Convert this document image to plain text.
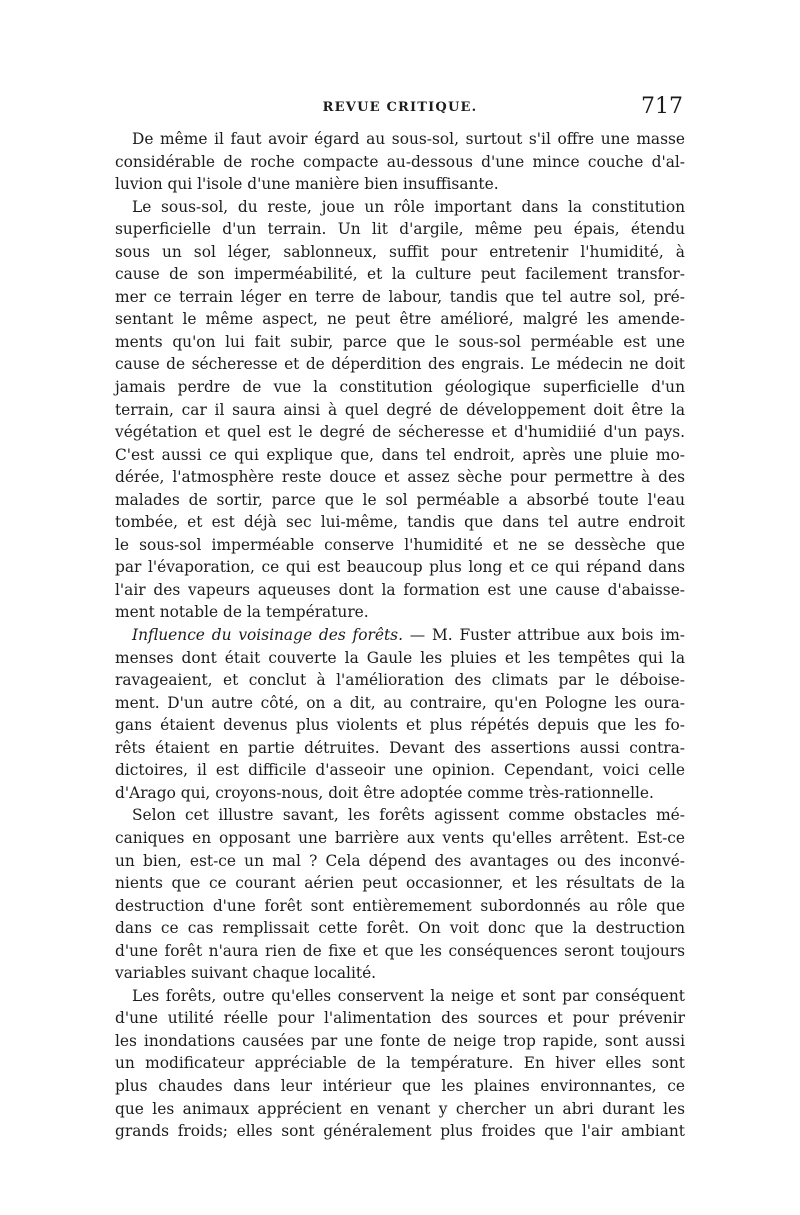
REVUE CRITIQUE.	717
De même il faut avoir égard au sous-sol, surtout s'il offre une masse
considérable de roche compacte au-dessous d'une mince couche d'al-
luvion qui l'isole d'une manière bien insuffisante.
Le sous-sol, du reste, joue un rôle important dans la constitution
superficielle d'un terrain. Un lit d'argile, même peu épais, étendu
sous un sol léger, sablonneux, suffit pour entretenir l'humidité, à
cause de son imperméabilité, et la culture peut facilement transfor-
mer ce terrain léger en terre de labour, tandis que tel autre sol, pré-
sentant le même aspect, ne peut être amélioré, malgré les amende-
ments qu'on lui fait subir, parce que le sous-sol perméable est une
cause de sécheresse et de déperdition des engrais. Le médecin ne doit
jamais perdre de vue la constitution géologique superficielle d'un
terrain, car il saura ainsi à quel degré de développement doit être la
végétation et quel est le degré de sécheresse et d'humidiié d'un pays.
C'est aussi ce qui explique que, dans tel endroit, après une pluie mo-
dérée, l'atmosphère reste douce et assez sèche pour permettre à des
malades de sortir, parce que le sol perméable a absorbé toute l'eau
tombée, et est déjà sec lui-même, tandis que dans tel autre endroit
le sous-sol imperméable conserve l'humidité et ne se dessèche que
par l'évaporation, ce qui est beaucoup plus long et ce qui répand dans
l'air des vapeurs aqueuses dont la formation est une cause d'abaisse-
ment notable de la température.
Influence du voisinage des forêts. — M. Fuster attribue aux bois im-
menses dont était couverte la Gaule les pluies et les tempêtes qui la
ravageaient, et conclut à l'amélioration des climats par le déboise-
ment. D'un autre côté, on a dit, au contraire, qu'en Pologne les oura-
gans étaient devenus plus violents et plus répétés depuis que les fo-
rêts étaient en partie détruites. Devant des assertions aussi contra-
dictoires, il est difficile d'asseoir une opinion. Cependant, voici celle
d'Arago qui, croyons-nous, doit être adoptée comme très-rationnelle.
Selon cet illustre savant, les forêts agissent comme obstacles mé-
caniques en opposant une barrière aux vents qu'elles arrêtent. Est-ce
un bien, est-ce un mal ? Cela dépend des avantages ou des inconvé-
nients que ce courant aérien peut occasionner, et les résultats de la
destruction d'une forêt sont entièremement subordonnés au rôle que
dans ce cas remplissait cette forêt. On voit donc que la destruction
d'une forêt n'aura rien de fixe et que les conséquences seront toujours
variables suivant chaque localité.
Les forêts, outre qu'elles conservent la neige et sont par conséquent
d'une utilité réelle pour l'alimentation des sources et pour prévenir
les inondations causées par une fonte de neige trop rapide, sont aussi
un modificateur appréciable de la température. En hiver elles sont
plus chaudes dans leur intérieur que les plaines environnantes, ce
que les animaux apprécient en venant y chercher un abri durant les
grands froids; elles sont généralement plus froides que l'air ambiant
